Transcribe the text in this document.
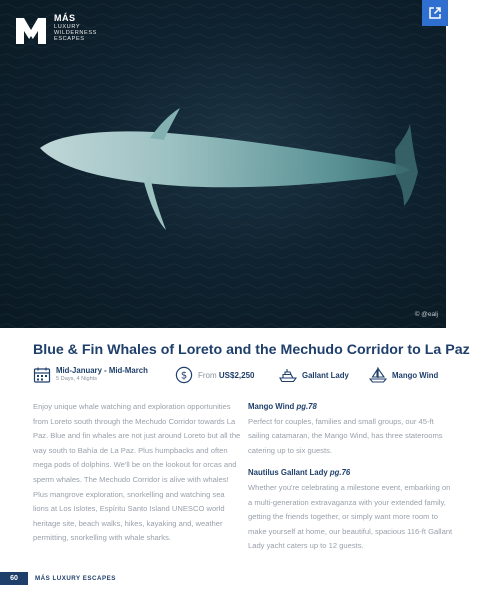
MÁS
LUXURY
WILDERNESS
ESCAPES
© @ealj
Blue & Fin Whales of Loreto and the Mechudo Corridor to La Paz
Mid-January - Mid-March
5 Days, 4 Nights	$ From US$2,250	Gallant Lady	Mango Wind

Enjoy unique whale watching and exploration opportunities from Loreto south through the Mechudo Corridor towards La Paz. Blue and fin whales are not just around Loreto but all the way south to Bahía de La Paz. Plus humpbacks and often mega pods of dolphins. We'll be on the lookout for orcas and sperm whales. The Mechudo Corridor is alive with whales! Plus mangrove exploration, snorkelling and watching sea lions at Los Islotes, Espíritu Santo Island UNESCO world heritage site, beach walks, hikes, kayaking and, weather permitting, snorkelling with whale sharks.

Mango Wind pg.78

Perfect for couples, families and small groups, our 45-ft sailing catamaran, the Mango Wind, has three staterooms catering up to six guests.

Nautilus Gallant Lady pg.76

Whether you're celebrating a milestone event, embarking on a multi-generation extravaganza with your extended family, getting the friends together, or simply want more room to make yourself at home, our beautiful, spacious 116-ft Gallant Lady yacht caters up to 12 guests.

60	MÁS LUXURY ESCAPES
